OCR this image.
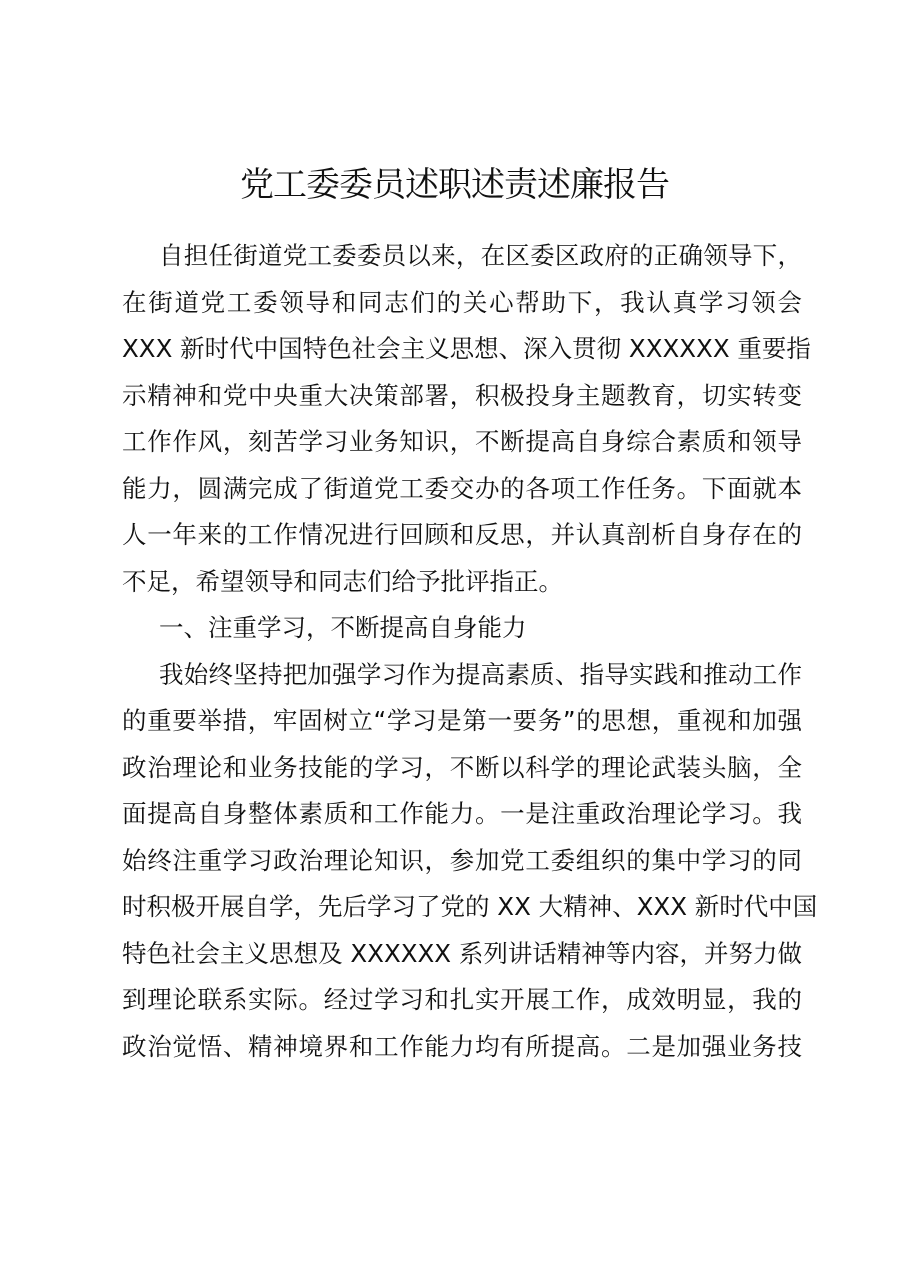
党工委委员述职述责述廉报告
自担任街道党工委委员以来，在区委区政府的正确领导下，
在街道党工委领导和同志们的关心帮助下，我认真学习领会
XXX 新时代中国特色社会主义思想、深入贯彻 XXXXXX 重要指
示精神和党中央重大决策部署，积极投身主题教育，切实转变
工作作风，刻苦学习业务知识，不断提高自身综合素质和领导
能力，圆满完成了街道党工委交办的各项工作任务。下面就本
人一年来的工作情况进行回顾和反思，并认真剖析自身存在的
不足，希望领导和同志们给予批评指正。
一、注重学习，不断提高自身能力
我始终坚持把加强学习作为提高素质、指导实践和推动工作
的重要举措，牢固树立“学习是第一要务”的思想，重视和加强
政治理论和业务技能的学习，不断以科学的理论武装头脑，全
面提高自身整体素质和工作能力。一是注重政治理论学习。我
始终注重学习政治理论知识，参加党工委组织的集中学习的同
时积极开展自学，先后学习了党的 XX 大精神、XXX 新时代中国
特色社会主义思想及 XXXXXX 系列讲话精神等内容，并努力做
到理论联系实际。经过学习和扎实开展工作，成效明显，我的
政治觉悟、精神境界和工作能力均有所提高。二是加强业务技
